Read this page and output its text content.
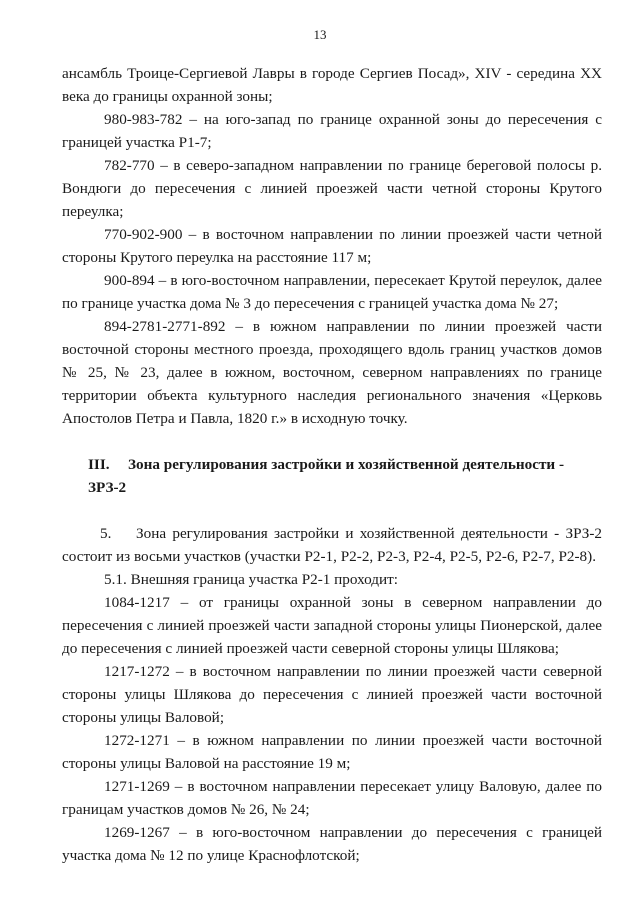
13

ансамбль Троице-Сергиевой Лавры в городе Сергиев Посад», XIV - середина XX века до границы охранной зоны;

980-983-782 – на юго-запад по границе охранной зоны до пересечения с границей участка Р1-7;

782-770 – в северо-западном направлении по границе береговой полосы р. Вондюги до пересечения с линией проезжей части четной стороны Крутого переулка;

770-902-900 – в восточном направлении по линии проезжей части четной стороны Крутого переулка на расстояние 117 м;

900-894 – в юго-восточном направлении, пересекает Крутой переулок, далее по границе участка дома № 3 до пересечения с границей участка дома № 27;

894-2781-2771-892 – в южном направлении по линии проезжей части восточной стороны местного проезда, проходящего вдоль границ участков домов № 25, № 23, далее в южном, восточном, северном направлениях по границе территории объекта культурного наследия регионального значения «Церковь Апостолов Петра и Павла, 1820 г.» в исходную точку.

III. Зона регулирования застройки и хозяйственной деятельности - ЗРЗ-2

5. Зона регулирования застройки и хозяйственной деятельности - ЗРЗ-2 состоит из восьми участков (участки Р2-1, Р2-2, Р2-3, Р2-4, Р2-5, Р2-6, Р2-7, Р2-8).

5.1. Внешняя граница участка Р2-1 проходит:

1084-1217 – от границы охранной зоны в северном направлении до пересечения с линией проезжей части западной стороны улицы Пионерской, далее до пересечения с линией проезжей части северной стороны улицы Шлякова;

1217-1272 – в восточном направлении по линии проезжей части северной стороны улицы Шлякова до пересечения с линией проезжей части восточной стороны улицы Валовой;

1272-1271 – в южном направлении по линии проезжей части восточной стороны улицы Валовой на расстояние 19 м;

1271-1269 – в восточном направлении пересекает улицу Валовую, далее по границам участков домов № 26, № 24;

1269-1267 – в юго-восточном направлении до пересечения с границей участка дома № 12 по улице Краснофлотской;
